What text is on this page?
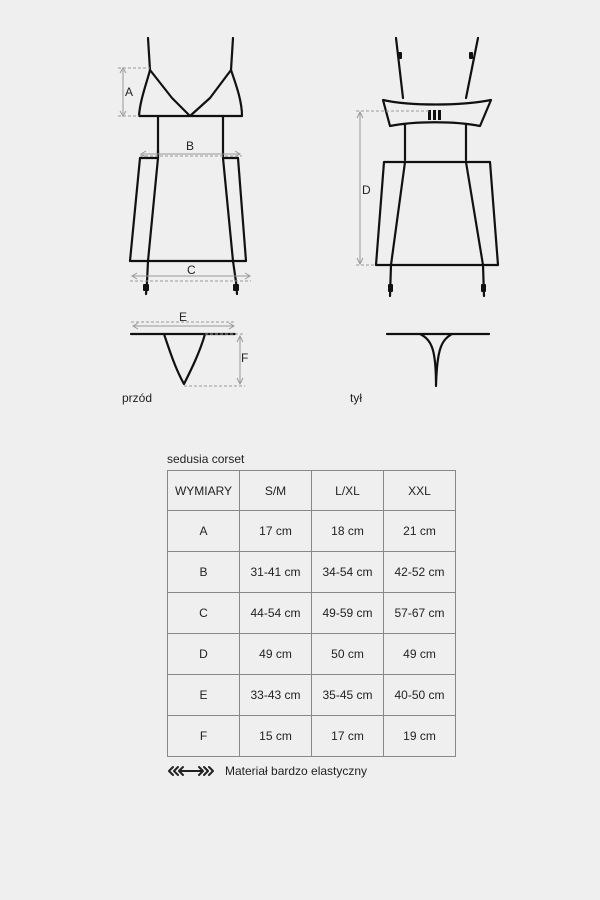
A
B
C
D
E
F
przód	tył
sedusia corset
WYMIARY	S/M	L/XL	XXL
A	17 cm	18 cm	21 cm
B	31-41 cm	34-54 cm	42-52 cm
C	44-54 cm	49-59 cm	57-67 cm
D	49 cm	50 cm	49 cm
E	33-43 cm	35-45 cm	40-50 cm
F	15 cm	17 cm	19 cm
Materiał bardzo elastyczny
